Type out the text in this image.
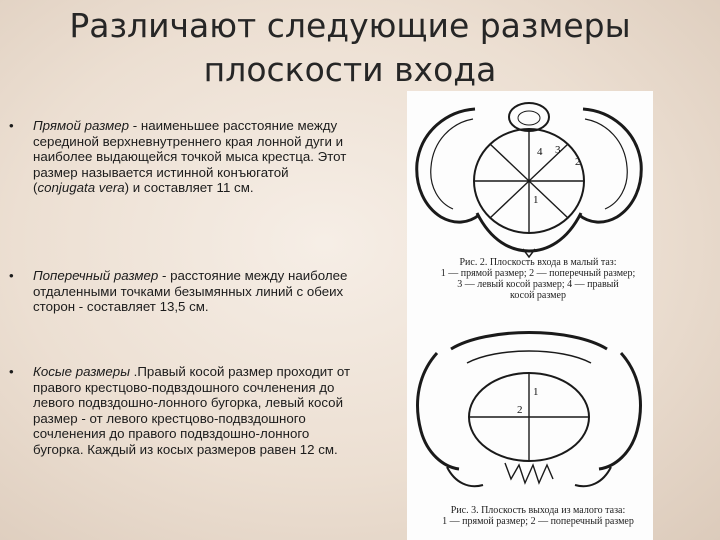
Различают следующие размеры
плоскости входа
• Прямой размер - наименьшее расстояние между серединой верхневнутреннего края лонной дуги и наиболее выдающейся точкой мыса крестца. Этот размер называется истинной конъюгатой (conjugata vera) и составляет 11 см.
• Поперечный размер - расстояние между наиболее отдаленными точками безымянных линий с обеих сторон - составляет 13,5 см.
• Косые размеры .Правый косой размер проходит от правого крестцово-подвздошного сочленения до левого подвздошно-лонного бугорка, левый косой размер - от левого крестцово-подвздошного сочленения до правого подвздошно-лонного бугорка. Каждый из косых размеров равен 12 см.
4 3
2
1
1
2
Рис. 2. Плоскость входа в малый таз:
1 — прямой размер; 2 — поперечный размер;
3 — левый косой размер; 4 — правый
косой размер
Рис. 3. Плоскость выхода из малого таза:
1 — прямой размер; 2 — поперечный размер
